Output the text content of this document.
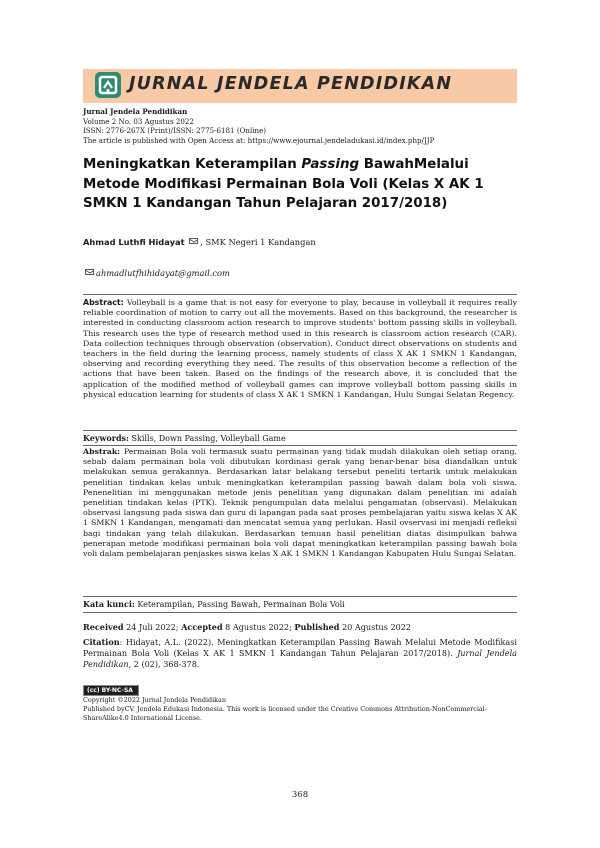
JURNAL JENDELA PENDIDIKAN
Jurnal Jendela Pendidikan
Volume 2 No. 03 Agustus 2022
ISSN: 2776-267X (Print)/ISSN: 2775-6181 (Online)
The article is published with Open Access at: https://www.ejournal.jendeladukasi.id/index.php/JJP
Meningkatkan Keterampilan Passing BawahMelalui
Metode Modifikasi Permainan Bola Voli (Kelas X AK 1
SMKN 1 Kandangan Tahun Pelajaran 2017/2018)
Ahmad Luthfi Hidayat , SMK Negeri 1 Kandangan
ahmadlutfhihidayat@gmail.com
Abstract: Volleyball is a game that is not easy for everyone to play, because in volleyball it requires really reliable coordination of motion to carry out all the movements. Based on this background, the researcher is interested in conducting classroom action research to improve students' bottom passing skills in volleyball. This research uses the type of research method used in this research is classroom action research (CAR). Data collection techniques through observation (observation). Conduct direct observations on students and teachers in the field during the learning process, namely students of class X AK 1 SMKN 1 Kandangan, observing and recording everything they need. The results of this observation become a reflection of the actions that have been taken. Based on the findings of the research above, it is concluded that the application of the modified method of volleyball games can improve volleyball bottom passing skills in physical education learning for students of class X AK 1 SMKN 1 Kandangan, Hulu Sungai Selatan Regency.
Keywords: Skills, Down Passing, Volleyball Game
Abstrak: Permainan Bola voli termasuk suatu permainan yang tidak mudah dilakukan oleh setiap orang, sebab dalam permainan bola voli dibutukan kordinasi gerak yang benar-benar bisa diandalkan untuk melakukan semua gerakannya. Berdasarkan latar belakang tersebut peneliti tertarik untuk melakukan penelitian tindakan kelas untuk meningkatkan keterampilan passing bawah dalam bola voli siswa. Penenelitian ini menggunakan metode jenis penelitian yang digunakan dalam penelitian ini adalah penelitian tindakan kelas (PTK). Teknik pengumpulan data melalui pengamatan (observasi). Melakukan observasi langsung pada siswa dan guru di lapangan pada saat proses pembelajaran yaitu siswa kelas X AK 1 SMKN 1 Kandangan, mengamati dan mencatat semua yang perlukan. Hasil ovservasi ini menjadi refleksi bagi tindakan yang telah dilakukan. Berdasarkan temuan hasil penelitian diatas disimpulkan bahwa penerapan metode modifikasi permainan bola voli dapat meningkatkan keterampilan passing bawah bola voli dalam pembelajaran penjaskes siswa kelas X AK 1 SMKN 1 Kandangan Kabupaten Hulu Sungai Selatan.
Kata kunci: Keterampilan, Passing Bawah, Permainan Bola Voli
Received 24 Juli 2022; Accepted 8 Agustus 2022; Published 20 Agustus 2022
Citation: Hidayat, A.L. (2022). Meningkatkan Keterampilan Passing Bawah Melalui Metode Modifikasi Permainan Bola Voli (Kelas X AK 1 SMKN 1 Kandangan Tahun Pelajaran 2017/2018). Jurnal Jendela Pendidikan, 2 (02), 368-378.
(cc) BY-NC-SA
Copyright ©2022 Jurnal Jendela Pendidikan
Published byCV. Jendela Edukasi Indonesia. This work is licensed under the Creative Commons Attribution-NonCommercial-
ShareAlike4.0 International License.
368
